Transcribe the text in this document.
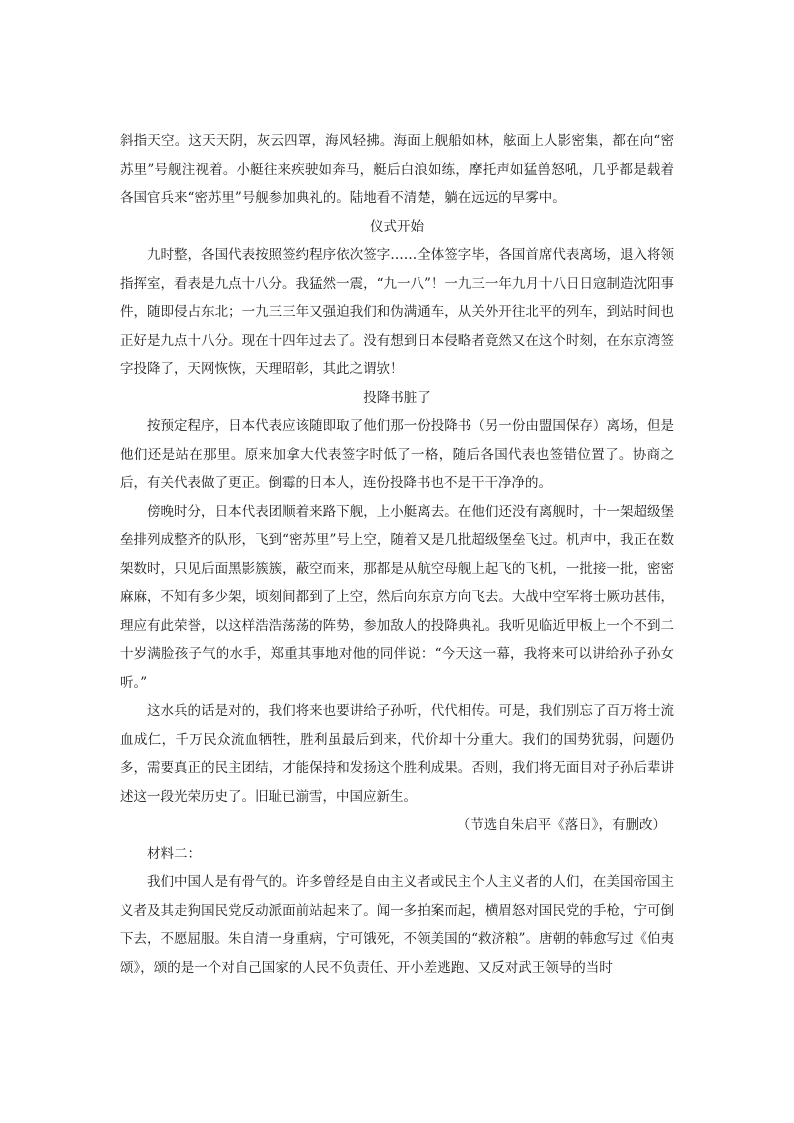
斜指天空。这天天阴，灰云四罩，海风轻拂。海面上舰船如林，舷面上人影密集，都在向“密苏里”号舰注视着。小艇往来疾驶如奔马，艇后白浪如练，摩托声如猛兽怒吼，几乎都是载着各国官兵来“密苏里”号舰参加典礼的。陆地看不清楚，躺在远远的早雾中。

仪式开始

九时整，各国代表按照签约程序依次签字……全体签字毕，各国首席代表离场，退入将领指挥室，看表是九点十八分。我猛然一震，“九一八”！一九三一年九月十八日日寇制造沈阳事件，随即侵占东北；一九三三年又强迫我们和伪满通车，从关外开往北平的列车，到站时间也正好是九点十八分。现在十四年过去了。没有想到日本侵略者竟然又在这个时刻，在东京湾签字投降了，天网恢恢，天理昭彰，其此之谓欤！

投降书脏了

按预定程序，日本代表应该随即取了他们那一份投降书（另一份由盟国保存）离场，但是他们还是站在那里。原来加拿大代表签字时低了一格，随后各国代表也签错位置了。协商之后，有关代表做了更正。倒霉的日本人，连份投降书也不是干干净净的。

傍晚时分，日本代表团顺着来路下舰，上小艇离去。在他们还没有离舰时，十一架超级堡垒排列成整齐的队形，飞到“密苏里”号上空，随着又是几批超级堡垒飞过。机声中，我正在数架数时，只见后面黑影簇簇，蔽空而来，那都是从航空母舰上起飞的飞机，一批接一批，密密麻麻，不知有多少架，顷刻间都到了上空，然后向东京方向飞去。大战中空军将士厥功甚伟，理应有此荣誉，以这样浩浩荡荡的阵势，参加敌人的投降典礼。我听见临近甲板上一个不到二十岁满脸孩子气的水手，郑重其事地对他的同伴说：“今天这一幕，我将来可以讲给孙子孙女听。”

这水兵的话是对的，我们将来也要讲给子孙听，代代相传。可是，我们别忘了百万将士流血成仁，千万民众流血牺牲，胜利虽最后到来，代价却十分重大。我们的国势犹弱，问题仍多，需要真正的民主团结，才能保持和发扬这个胜利成果。否则，我们将无面目对子孙后辈讲述这一段光荣历史了。旧耻已湔雪，中国应新生。

（节选自朱启平《落日》，有删改）

材料二：

我们中国人是有骨气的。许多曾经是自由主义者或民主个人主义者的人们，在美国帝国主义者及其走狗国民党反动派面前站起来了。闻一多拍案而起，横眉怒对国民党的手枪，宁可倒下去，不愿屈服。朱自清一身重病，宁可饿死，不领美国的“救济粮”。唐朝的韩愈写过《伯夷颂》，颂的是一个对自己国家的人民不负责任、开小差逃跑、又反对武王领导的当时
